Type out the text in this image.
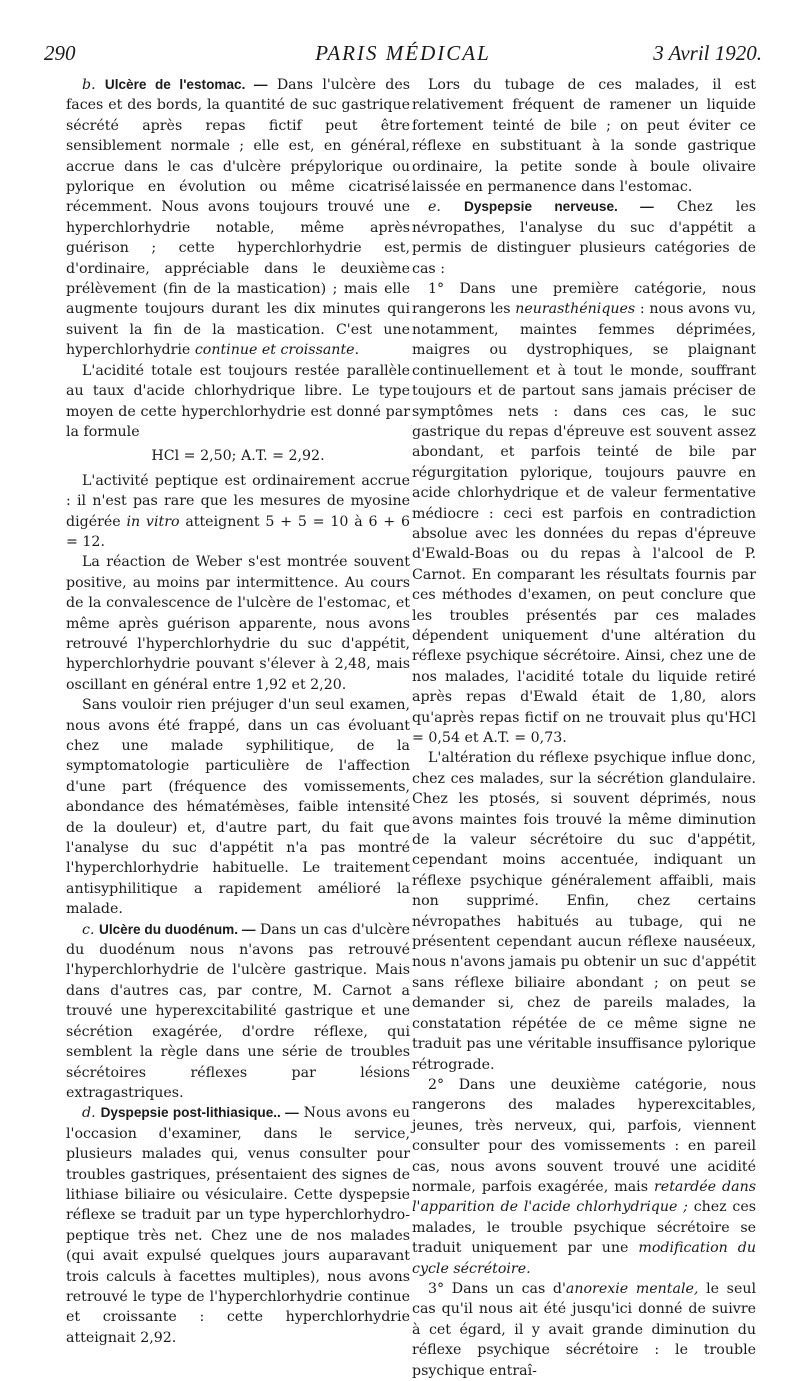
290	PARIS MÉDICAL	3 Avril 1920.

b. Ulcère de l'estomac. — Dans l'ulcère des faces et des bords, la quantité de suc gastrique sécrété après repas fictif peut être sensiblement normale ; elle est, en général, accrue dans le cas d'ulcère prépylorique ou pylorique en évolution ou même cicatrisé récemment. Nous avons toujours trouvé une hyperchlorhydrie notable, même après guérison ; cette hyperchlorhydrie est, d'ordinaire, appréciable dans le deuxième prélèvement (fin de la mastication) ; mais elle augmente toujours durant les dix minutes qui suivent la fin de la mastication. C'est une hyperchlorhydrie continue et croissante.

L'acidité totale est toujours restée parallèle au taux d'acide chlorhydrique libre. Le type moyen de cette hyperchlorhydrie est donné par la formule

HCl = 2,50; A.T. = 2,92.

L'activité peptique est ordinairement accrue : il n'est pas rare que les mesures de myosine digérée in vitro atteignent 5 + 5 = 10 à 6 + 6 = 12.

La réaction de Weber s'est montrée souvent positive, au moins par intermittence. Au cours de la convalescence de l'ulcère de l'estomac, et même après guérison apparente, nous avons retrouvé l'hyperchlorhydrie du suc d'appétit, hyperchlorhydrie pouvant s'élever à 2,48, mais oscillant en général entre 1,92 et 2,20.

Sans vouloir rien préjuger d'un seul examen, nous avons été frappé, dans un cas évoluant chez une malade syphilitique, de la symptomatologie particulière de l'affection d'une part (fréquence des vomissements, abondance des hématémèses, faible intensité de la douleur) et, d'autre part, du fait que l'analyse du suc d'appétit n'a pas montré l'hyperchlorhydrie habituelle. Le traitement antisyphilitique a rapidement amélioré la malade.

c. Ulcère du duodénum. — Dans un cas d'ulcère du duodénum nous n'avons pas retrouvé l'hyperchlorhydrie de l'ulcère gastrique. Mais dans d'autres cas, par contre, M. Carnot a trouvé une hyperexcitabilité gastrique et une sécrétion exagérée, d'ordre réflexe, qui semblent la règle dans une série de troubles sécrétoires réflexes par lésions extragastriques.

d. Dyspepsie post-lithiasique.. — Nous avons eu l'occasion d'examiner, dans le service, plusieurs malades qui, venus consulter pour troubles gastriques, présentaient des signes de lithiase biliaire ou vésiculaire. Cette dyspepsie réflexe se traduit par un type hyperchlorhydro-peptique très net. Chez une de nos malades (qui avait expulsé quelques jours auparavant trois calculs à facettes multiples), nous avons retrouvé le type de l'hyperchlorhydrie continue et croissante : cette hyperchlorhydrie atteignait 2,92.

Lors du tubage de ces malades, il est relativement fréquent de ramener un liquide fortement teinté de bile ; on peut éviter ce réflexe en substituant à la sonde gastrique ordinaire, la petite sonde à boule olivaire laissée en permanence dans l'estomac.

e. Dyspepsie nerveuse. — Chez les névropathes, l'analyse du suc d'appétit a permis de distinguer plusieurs catégories de cas :

1° Dans une première catégorie, nous rangerons les neurasthéniques : nous avons vu, notamment, maintes femmes déprimées, maigres ou dystrophiques, se plaignant continuellement et à tout le monde, souffrant toujours et de partout sans jamais préciser de symptômes nets : dans ces cas, le suc gastrique du repas d'épreuve est souvent assez abondant, et parfois teinté de bile par régurgitation pylorique, toujours pauvre en acide chlorhydrique et de valeur fermentative médiocre : ceci est parfois en contradiction absolue avec les données du repas d'épreuve d'Ewald-Boas ou du repas à l'alcool de P. Carnot. En comparant les résultats fournis par ces méthodes d'examen, on peut conclure que les troubles présentés par ces malades dépendent uniquement d'une altération du réflexe psychique sécrétoire. Ainsi, chez une de nos malades, l'acidité totale du liquide retiré après repas d'Ewald était de 1,80, alors qu'après repas fictif on ne trouvait plus qu'HCl = 0,54 et A.T. = 0,73.

L'altération du réflexe psychique influe donc, chez ces malades, sur la sécrétion glandulaire. Chez les ptosés, si souvent déprimés, nous avons maintes fois trouvé la même diminution de la valeur sécrétoire du suc d'appétit, cependant moins accentuée, indiquant un réflexe psychique généralement affaibli, mais non supprimé. Enfin, chez certains névropathes habitués au tubage, qui ne présentent cependant aucun réflexe nauséeux, nous n'avons jamais pu obtenir un suc d'appétit sans réflexe biliaire abondant ; on peut se demander si, chez de pareils malades, la constatation répétée de ce même signe ne traduit pas une véritable insuffisance pylorique rétrograde.

2° Dans une deuxième catégorie, nous rangerons des malades hyperexcitables, jeunes, très nerveux, qui, parfois, viennent consulter pour des vomissements : en pareil cas, nous avons souvent trouvé une acidité normale, parfois exagérée, mais retardée dans l'apparition de l'acide chlorhydrique ; chez ces malades, le trouble psychique sécrétoire se traduit uniquement par une modification du cycle sécrétoire.

3° Dans un cas d'anorexie mentale, le seul cas qu'il nous ait été jusqu'ici donné de suivre à cet égard, il y avait grande diminution du réflexe psychique sécrétoire : le trouble psychique entraî-
